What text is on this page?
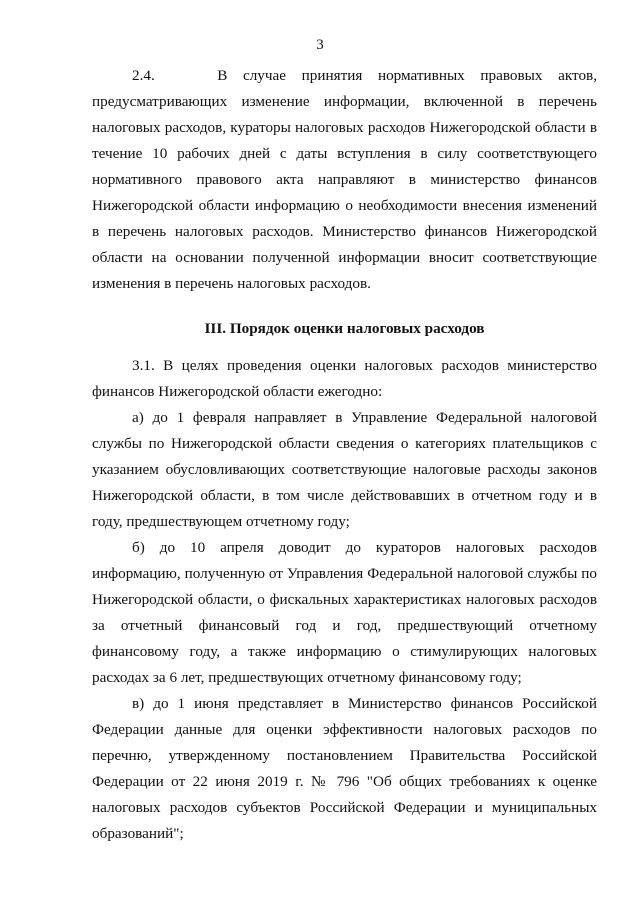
3

2.4.    В случае принятия нормативных правовых актов, предусматривающих изменение информации, включенной в перечень налоговых расходов, кураторы налоговых расходов Нижегородской области в течение 10 рабочих дней с даты вступления в силу соответствующего нормативного правового акта направляют в министерство финансов Нижегородской области информацию о необходимости внесения изменений в перечень налоговых расходов. Министерство финансов Нижегородской области на основании полученной информации вносит соответствующие изменения в перечень налоговых расходов.

III. Порядок оценки налоговых расходов

3.1. В целях проведения оценки налоговых расходов министерство финансов Нижегородской области ежегодно:

а) до 1 февраля направляет в Управление Федеральной налоговой службы по Нижегородской области сведения о категориях плательщиков с указанием обусловливающих соответствующие налоговые расходы законов Нижегородской области, в том числе действовавших в отчетном году и в году, предшествующем отчетному году;

б) до 10 апреля доводит до кураторов налоговых расходов информацию, полученную от Управления Федеральной налоговой службы по Нижегородской области, о фискальных характеристиках налоговых расходов за отчетный финансовый год и год, предшествующий отчетному финансовому году, а также информацию о стимулирующих налоговых расходах за 6 лет, предшествующих отчетному финансовому году;

в) до 1 июня представляет в Министерство финансов Российской Федерации данные для оценки эффективности налоговых расходов по перечню, утвержденному постановлением Правительства Российской Федерации от 22 июня 2019 г. № 796 "Об общих требованиях к оценке налоговых расходов субъектов Российской Федерации и муниципальных образований";
